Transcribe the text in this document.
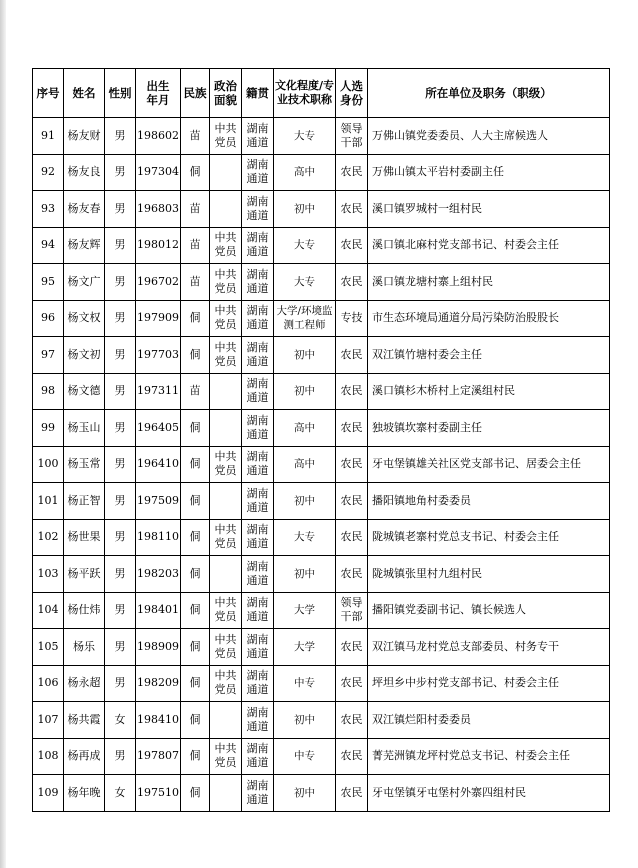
序号	姓名	性别	出生年月	民族	政治面貌	籍贯	文化程度/专业技术职称	人选身份	所在单位及职务（职级）
91	杨友财	男	198602	苗	中共党员	湖南通道	大专	领导干部	万佛山镇党委委员、人大主席候选人
92	杨友良	男	197304	侗		湖南通道	高中	农民	万佛山镇太平岩村委副主任
93	杨友春	男	196803	苗		湖南通道	初中	农民	溪口镇罗城村一组村民
94	杨友辉	男	198012	苗	中共党员	湖南通道	大专	农民	溪口镇北麻村党支部书记、村委会主任
95	杨文广	男	196702	苗	中共党员	湖南通道	大专	农民	溪口镇龙塘村寨上组村民
96	杨文权	男	197909	侗	中共党员	湖南通道	大学/环境监测工程师	专技	市生态环境局通道分局污染防治股股长
97	杨文初	男	197703	侗	中共党员	湖南通道	初中	农民	双江镇竹塘村委会主任
98	杨文德	男	197311	苗		湖南通道	初中	农民	溪口镇杉木桥村上定溪组村民
99	杨玉山	男	196405	侗		湖南通道	高中	农民	独坡镇坎寨村委副主任
100	杨玉常	男	196410	侗	中共党员	湖南通道	高中	农民	牙屯堡镇雄关社区党支部书记、居委会主任
101	杨正智	男	197509	侗		湖南通道	初中	农民	播阳镇地角村委委员
102	杨世果	男	198110	侗	中共党员	湖南通道	大专	农民	陇城镇老寨村党总支书记、村委会主任
103	杨平跃	男	198203	侗		湖南通道	初中	农民	陇城镇张里村九组村民
104	杨仕炜	男	198401	侗	中共党员	湖南通道	大学	领导干部	播阳镇党委副书记、镇长候选人
105	杨乐	男	198909	侗	中共党员	湖南通道	大学	农民	双江镇马龙村党总支部委员、村务专干
106	杨永超	男	198209	侗	中共党员	湖南通道	中专	农民	坪坦乡中步村党支部书记、村委会主任
107	杨共霞	女	198410	侗		湖南通道	初中	农民	双江镇烂阳村委委员
108	杨再成	男	197807	侗	中共党员	湖南通道	中专	农民	菁芜洲镇龙坪村党总支书记、村委会主任
109	杨年晚	女	197510	侗		湖南通道	初中	农民	牙屯堡镇牙屯堡村外寨四组村民
